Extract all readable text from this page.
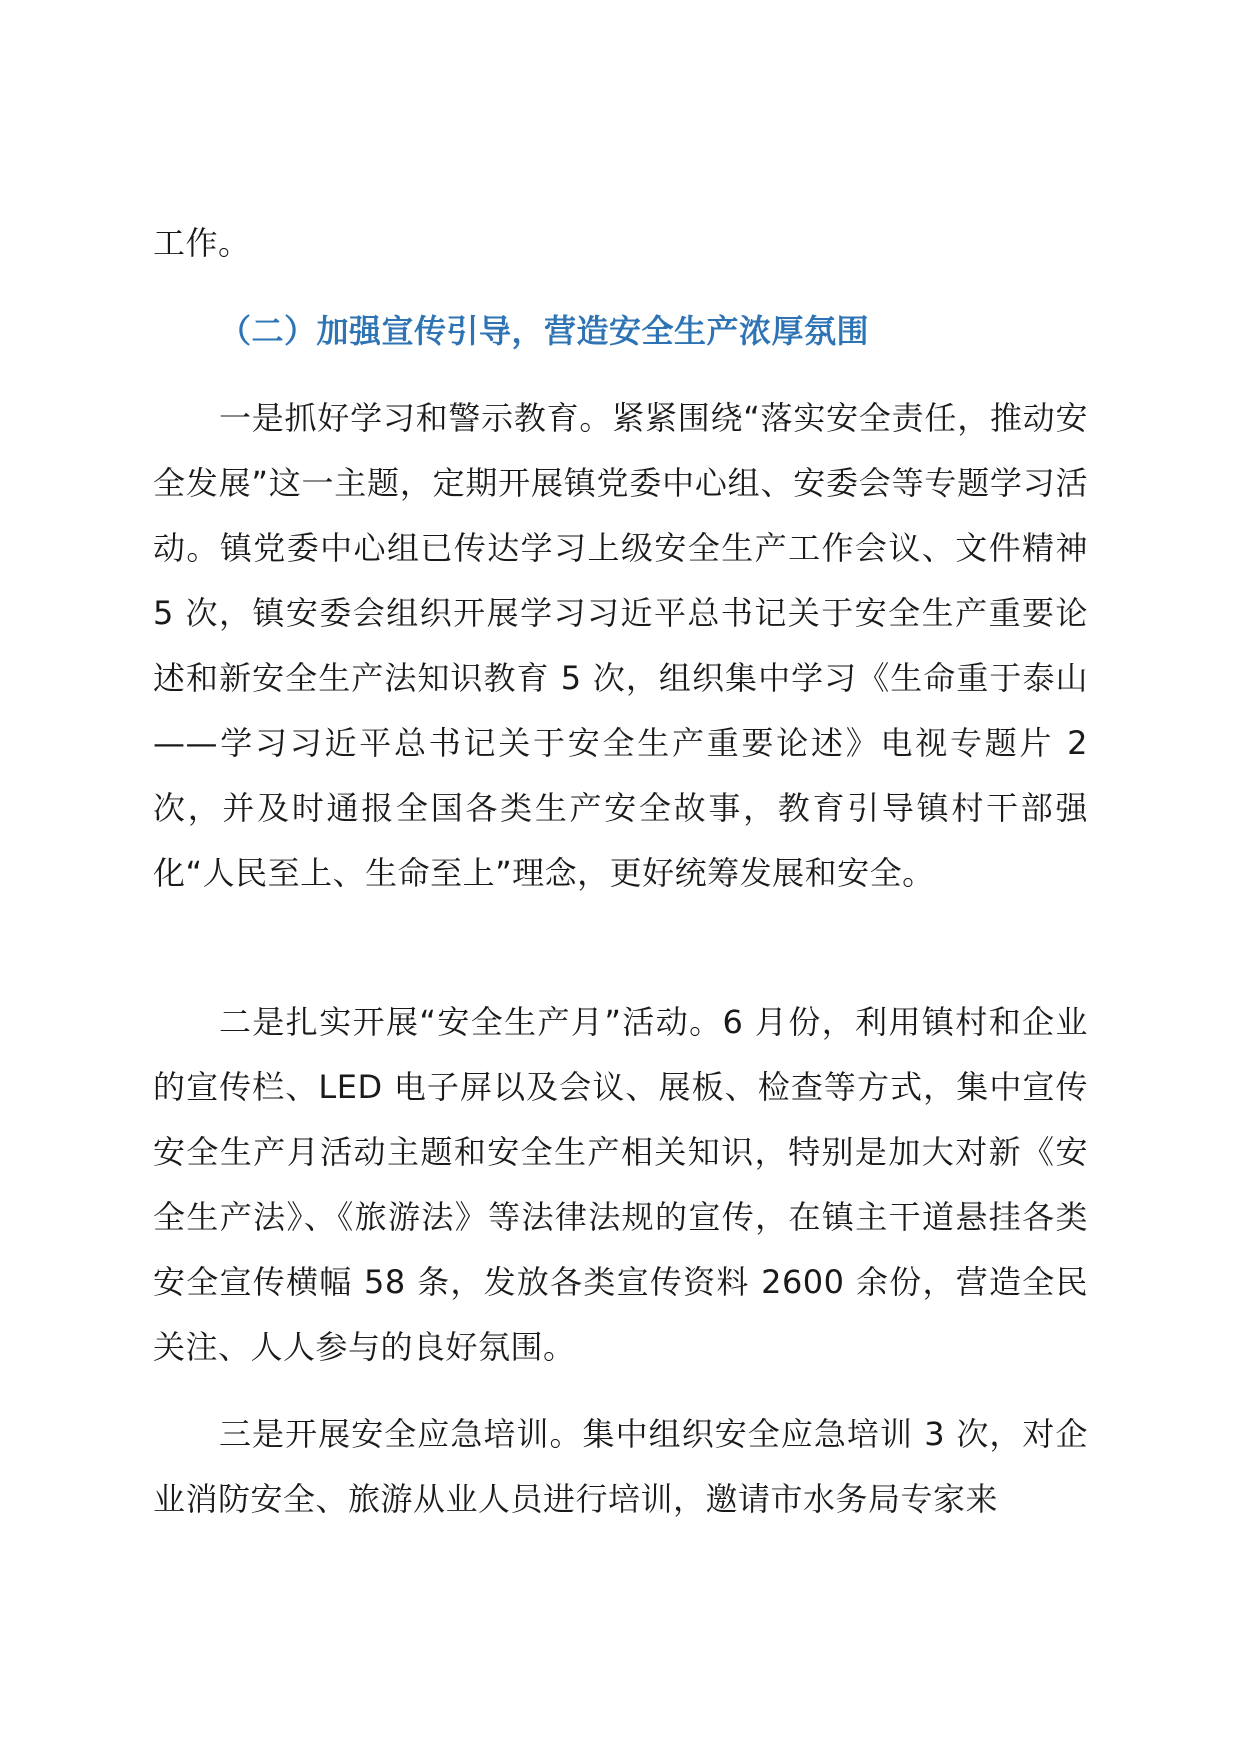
工作。

（二）加强宣传引导，营造安全生产浓厚氛围

一是抓好学习和警示教育。紧紧围绕“落实安全责任，推动安全发展”这一主题，定期开展镇党委中心组、安委会等专题学习活动。镇党委中心组已传达学习上级安全生产工作会议、文件精神 5 次，镇安委会组织开展学习习近平总书记关于安全生产重要论述和新安全生产法知识教育 5 次，组织集中学习《生命重于泰山——学习习近平总书记关于安全生产重要论述》电视专题片 2 次，并及时通报全国各类生产安全故事，教育引导镇村干部强化“人民至上、生命至上”理念，更好统筹发展和安全。

二是扎实开展“安全生产月”活动。6 月份，利用镇村和企业的宣传栏、LED 电子屏以及会议、展板、检查等方式，集中宣传安全生产月活动主题和安全生产相关知识，特别是加大对新《安全生产法》、《旅游法》等法律法规的宣传，在镇主干道悬挂各类安全宣传横幅 58 条，发放各类宣传资料 2600 余份，营造全民关注、人人参与的良好氛围。

三是开展安全应急培训。集中组织安全应急培训 3 次，对企业消防安全、旅游从业人员进行培训，邀请市水务局专家来
